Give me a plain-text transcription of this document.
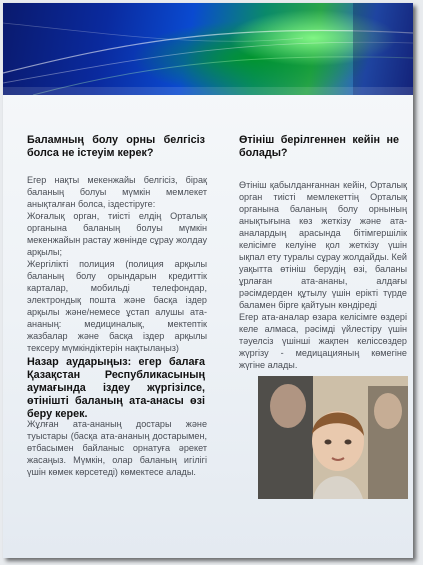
Баламның болу орны белгісіз болса не істеуім керек?

Егер нақты мекенжайы белгісіз, бірақ баланың болуы мүмкін мемлекет анықталған болса, іздестіруге:

Жоғалық орган, тиісті елдің Орталық органына баланың болуы мүмкін мекенжайын растау жөнінде сұрау жолдау арқылы;

Жергілікті полиция (полиция арқылы баланың болу орындарын кредиттік карталар, мобильді телефондар, электрондық пошта және басқа іздер арқылы және/немесе ұстап алушы ата-ананың: медициналық, мектептік жазбалар және басқа іздер арқылы тексеру мүмкіндіктерін нақтылаңыз)

Назар аударыңыз: егер балаға Қазақстан Республикасының аумағында іздеу жүргізілсе, өтінішті баланың ата-анасы өзі беру керек.
Жұлған ата-ананың достары және туыстары (басқа ата-ананың достарымен, өтбасымен байланыс орнатуға әрекет жасаңыз. Мүмкін, олар баланың игілігі үшін көмек көрсетеді) көмектесе алады.
Өтініш берілгеннен кейін не болады?

Өтініш қабылданғаннан кейін, Орталық орган тиісті мемлекеттің Орталық органына баланың болу орнының анықтығына көз жеткізу және ата-аналардың арасында бітімгершілік келісімге келуіне қол жеткізу үшін ықпал ету туралы сұрау жолдайды. Кей уақытта өтініш берудің өзі, баланы ұрлаған ата-ананы, алдағы рәсімдерден құтылу үшін ерікті түрде баламен бірге қайтуын көндіреді

Егер ата-аналар өзара келісімге өздері келе алмаса, рәсімді үйлестіру үшін тәуелсіз үшінші жақпен келіссөздер жүргізу - медицацияның көмегіне жүгіне алады.
